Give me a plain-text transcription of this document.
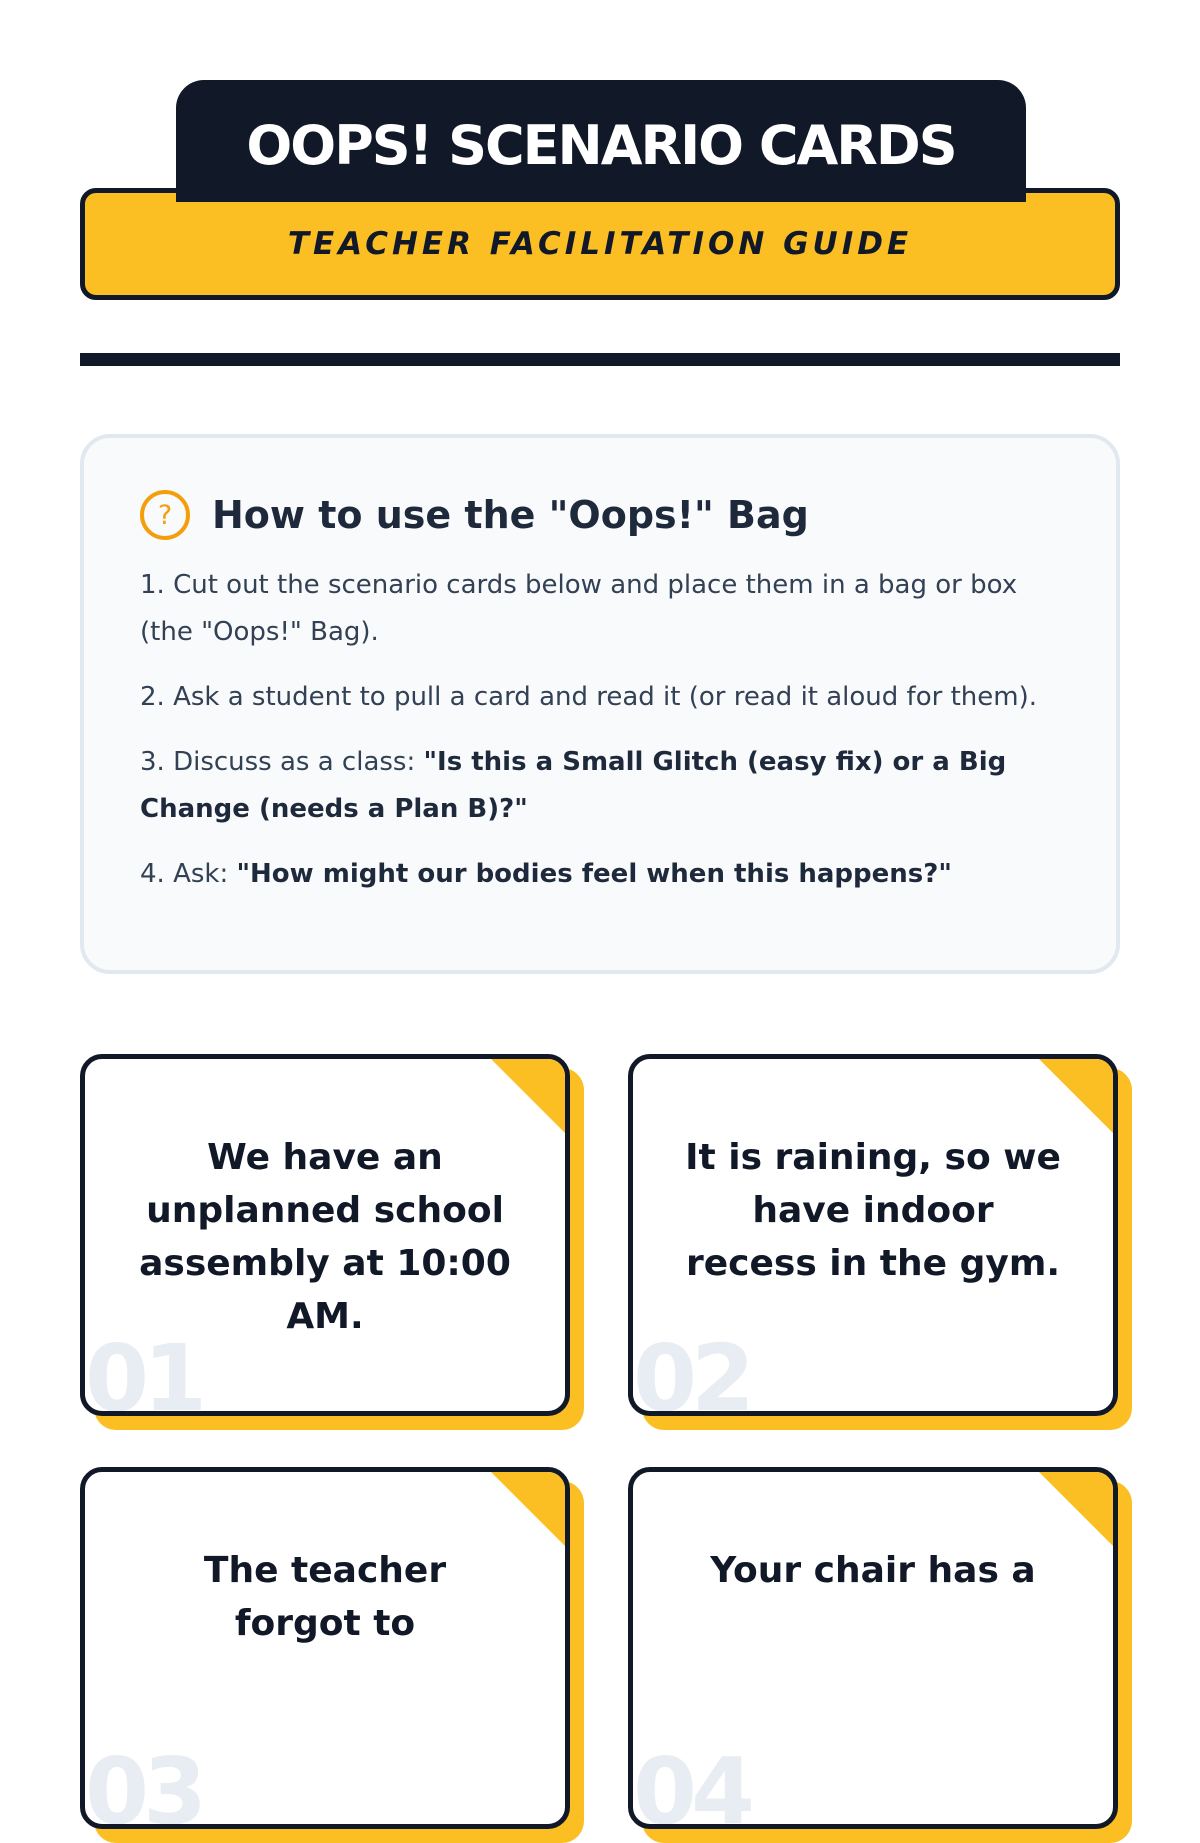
OOPS! SCENARIO CARDS
TEACHER FACILITATION GUIDE
?	How to use the "Oops!" Bag

1. Cut out the scenario cards below and place them in a bag or box (the "Oops!" Bag).

2. Ask a student to pull a card and read it (or read it aloud for them).

3. Discuss as a class: "Is this a Small Glitch (easy fix) or a Big Change (needs a Plan B)?"

4. Ask: "How might our bodies feel when this happens?"

01
We have an unplanned school assembly at 10:00 AM.
02
It is raining, so we have indoor recess in the gym.
03
The teacher forgot to
04
Your chair has a
